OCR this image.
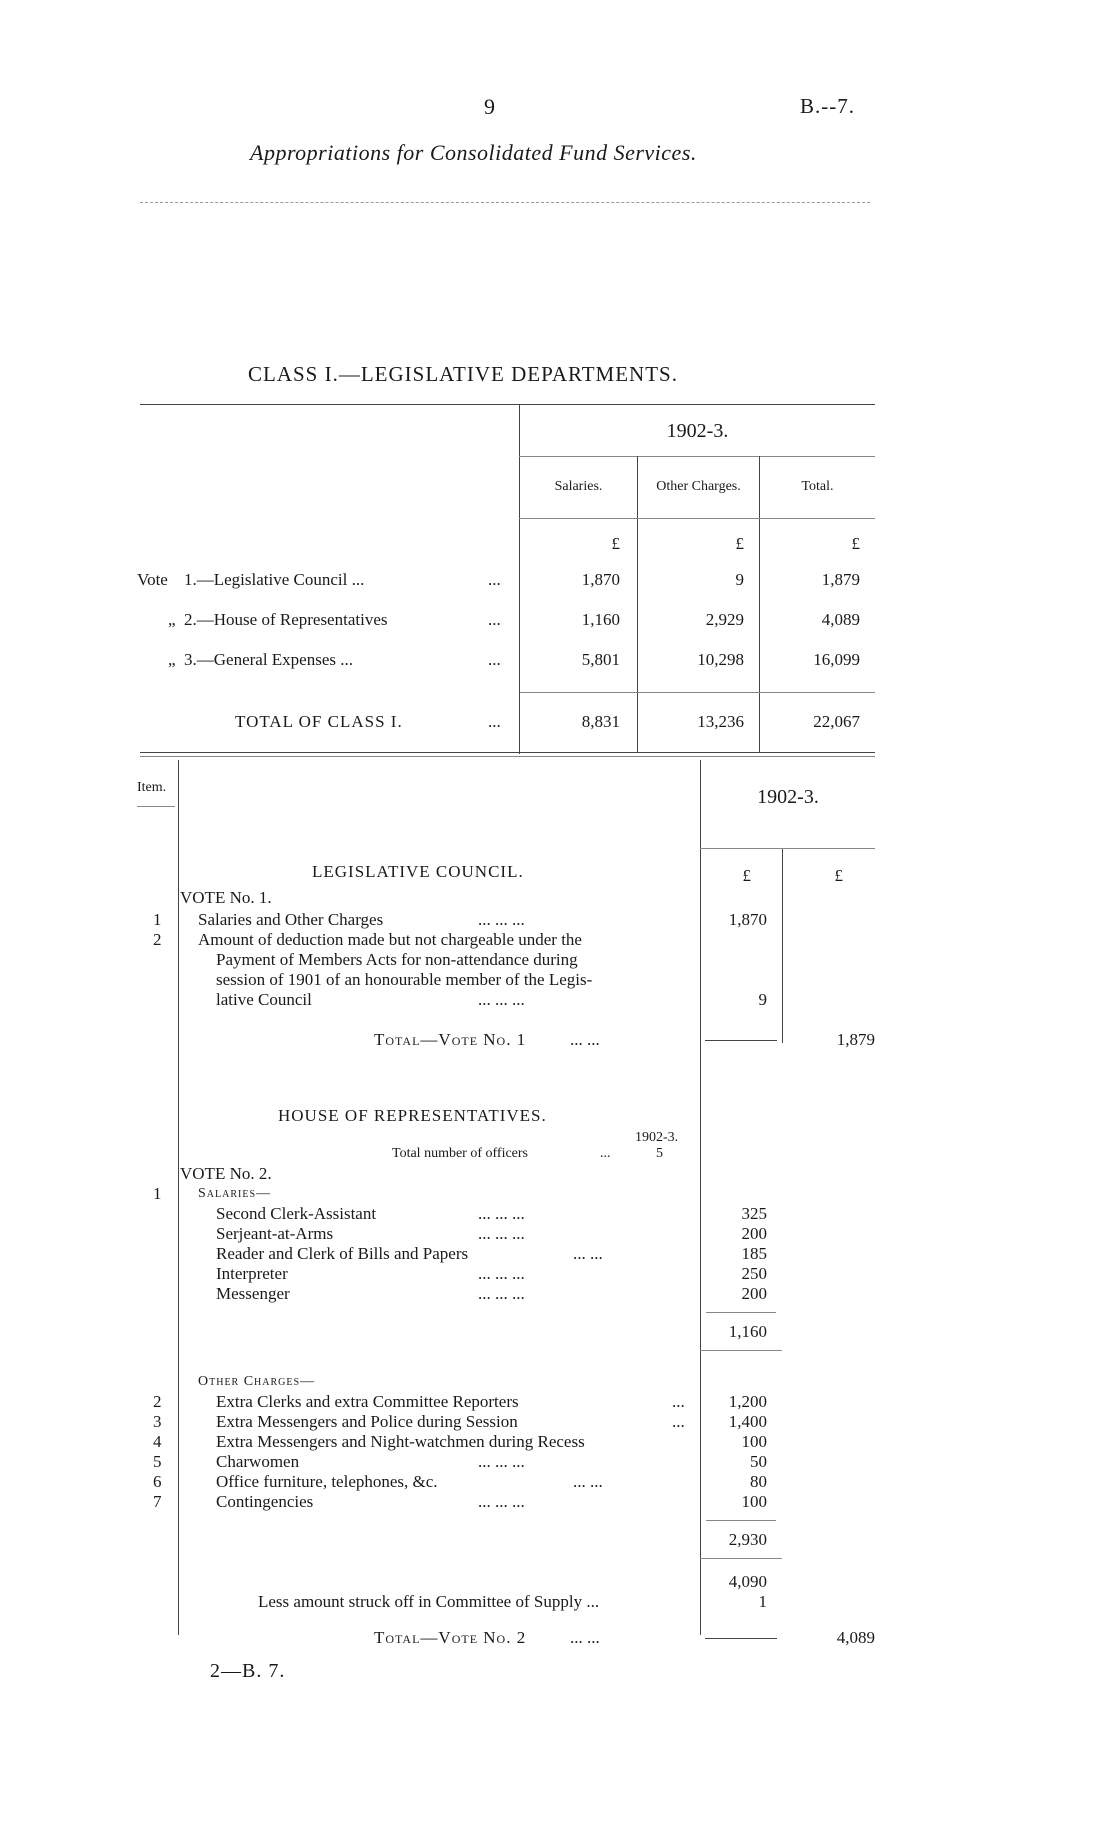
9	B.--7.
Appropriations for Consolidated Fund Services.
CLASS I.—LEGISLATIVE DEPARTMENTS.
1902-3.
Salaries.	Other Charges.	Total.
£	£	£
Vote 1.—Legislative Council ...	...	1,870	9	1,879
„ 2.—House of Representatives	...	1,160	2,929	4,089
„ 3.—General Expenses ...	...	5,801	10,298	16,099
TOTAL OF CLASS I.	...	8,831	13,236	22,067
Item.	1902-3.
£	£
LEGISLATIVE COUNCIL.
VOTE No. 1.
1 Salaries and Other Charges	... ... ...	1,870
2 Amount of deduction made but not chargeable under the
Payment of Members Acts for non-attendance during
session of 1901 of an honourable member of the Legis-
lative Council	... ... ...	9
Total—Vote No. 1	... ...	1,879
HOUSE OF REPRESENTATIVES.
1902-3.
Total number of officers	...	5
VOTE No. 2.
1	Salaries—
Second Clerk-Assistant	... ... ...	325
Serjeant-at-Arms	... ... ...	200
Reader and Clerk of Bills and Papers	... ...	185
Interpreter	... ... ...	250
Messenger	... ... ...	200
1,160
Other Charges—
2	Extra Clerks and extra Committee Reporters	...	1,200
3	Extra Messengers and Police during Session	...	1,400
4	Extra Messengers and Night-watchmen during Recess	100
5	Charwomen	... ... ...	50
6	Office furniture, telephones, &c.	... ...	80
7	Contingencies	... ... ...	100
2,930
4,090
Less amount struck off in Committee of Supply ...	1
Total—Vote No. 2	... ...	4,089
2—B. 7.
